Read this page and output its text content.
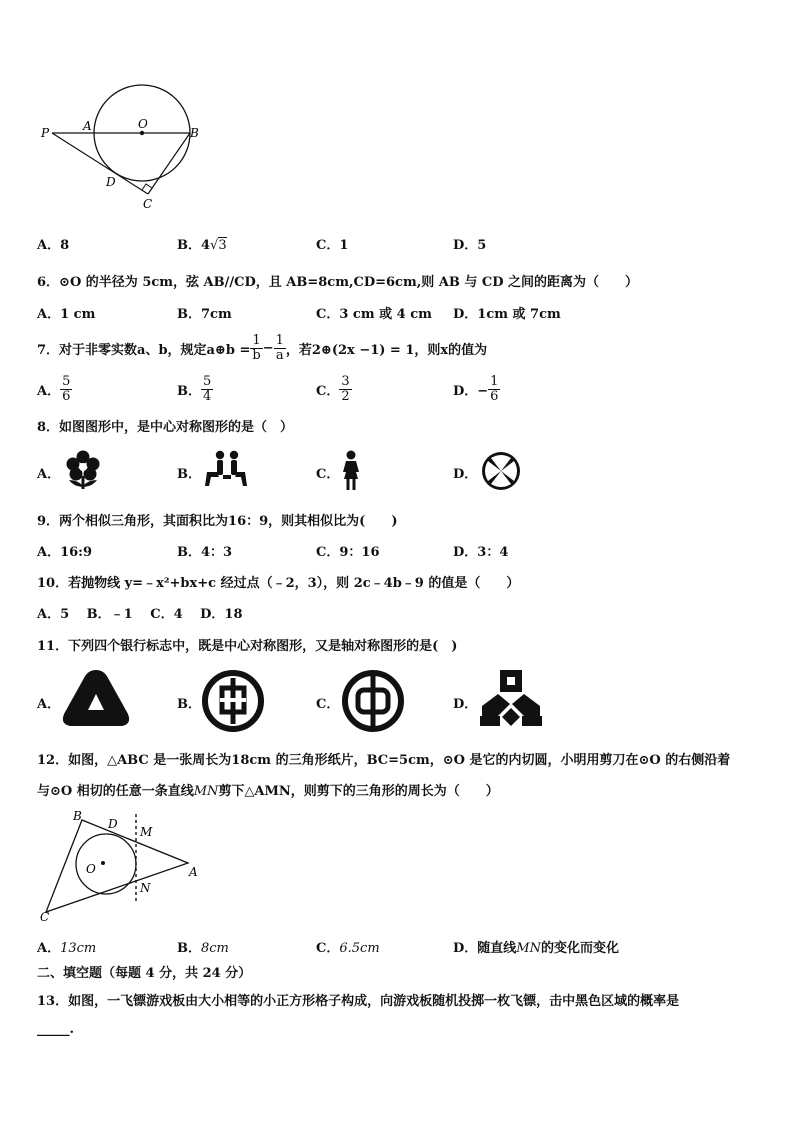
P	A	O
B
D
C
A．8	B．4√3	C．1	D．5
6．⊙O 的半径为 5cm，弦 AB//CD，且 AB=8cm,CD=6cm,则 AB 与 CD 之间的距离为（　　）
A．1 cm	B．7cm	C．3 cm 或 4 cm D．1cm 或 7cm
7．对于非零实数a、b，规定a⊕b = $\frac{1}{b} - \frac{1}{a}$ ，若2⊕(2x −1) = 1，则x的值为
A． $\frac{5}{6}$	B． $\frac{5}{4}$	C． $\frac{3}{2}$	D．− $\frac{1}{6}$
8．如图图形中，是中心对称图形的是（　）
A．	B．	C．	D．
9．两个相似三角形，其面积比为16：9，则其相似比为(　　)
A．16:9	B．4：3	C．9：16	D．3：4
10．若抛物线 y=﹣x²+bx+c 经过点（﹣2，3），则 2c﹣4b﹣9 的值是（　　）
A．5　 B．﹣1　 C．4　 D．18
11．下列四个银行标志中，既是中心对称图形，又是轴对称图形的是(　)
A．	B．	C．	D．
12．如图，△ABC 是一张周长为18cm 的三角形纸片，BC=5cm，⊙O 是它的内切圆，小明用剪刀在⊙O 的右侧沿着
与⊙O 相切的任意一条直线MN剪下△AMN，则剪下的三角形的周长为（　　）
B
D
M
O	A
N
C
A．13cm	B．8cm	C．6.5cm	D．随直线MN的变化而变化
二、填空题（每题 4 分，共 24 分）
13．如图，一飞镖游戏板由大小相等的小正方形格子构成，向游戏板随机投掷一枚飞镖，击中黑色区域的概率是
_____.
